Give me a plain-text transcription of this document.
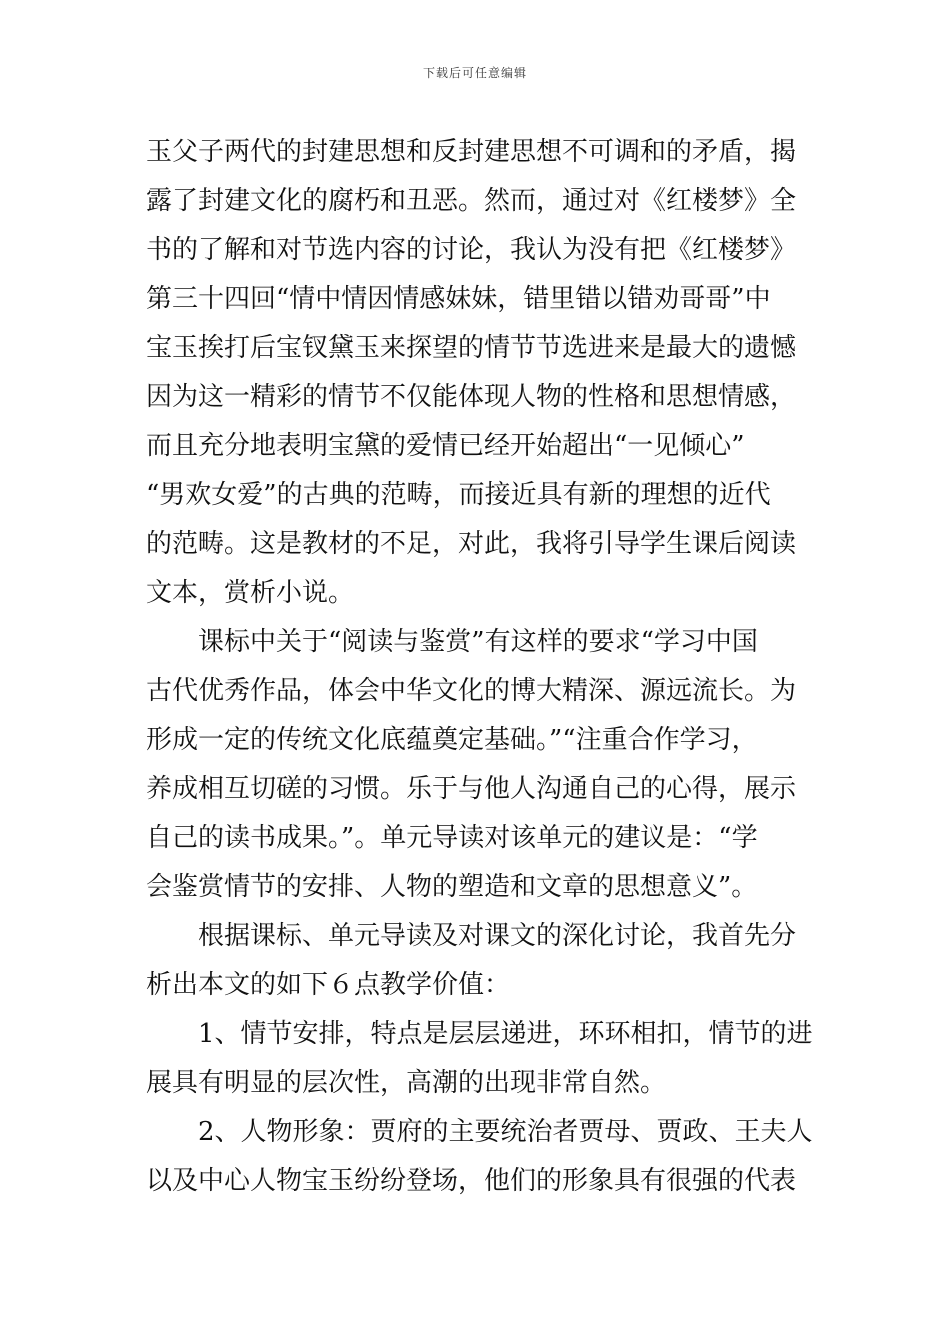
下载后可任意编辑
玉父子两代的封建思想和反封建思想不可调和的矛盾，揭
露了封建文化的腐朽和丑恶。然而，通过对《红楼梦》全
书的了解和对节选内容的讨论，我认为没有把《红楼梦》
第三十四回“情中情因情感妹妹，错里错以错劝哥哥”中
宝玉挨打后宝钗黛玉来探望的情节节选进来是最大的遗憾
因为这一精彩的情节不仅能体现人物的性格和思想情感，
而且充分地表明宝黛的爱情已经开始超出“一见倾心”
“男欢女爱”的古典的范畴，而接近具有新的理想的近代
的范畴。这是教材的不足，对此，我将引导学生课后阅读
文本，赏析小说。
课标中关于“阅读与鉴赏”有这样的要求“学习中国
古代优秀作品，体会中华文化的博大精深、源远流长。为
形成一定的传统文化底蕴奠定基础。”“注重合作学习，
养成相互切磋的习惯。乐于与他人沟通自己的心得，展示
自己的读书成果。”。单元导读对该单元的建议是：“学
会鉴赏情节的安排、人物的塑造和文章的思想意义”。
根据课标、单元导读及对课文的深化讨论，我首先分
析出本文的如下６点教学价值：
1、情节安排，特点是层层递进，环环相扣，情节的进
展具有明显的层次性，高潮的出现非常自然。
2、人物形象：贾府的主要统治者贾母、贾政、王夫人
以及中心人物宝玉纷纷登场，他们的形象具有很强的代表
